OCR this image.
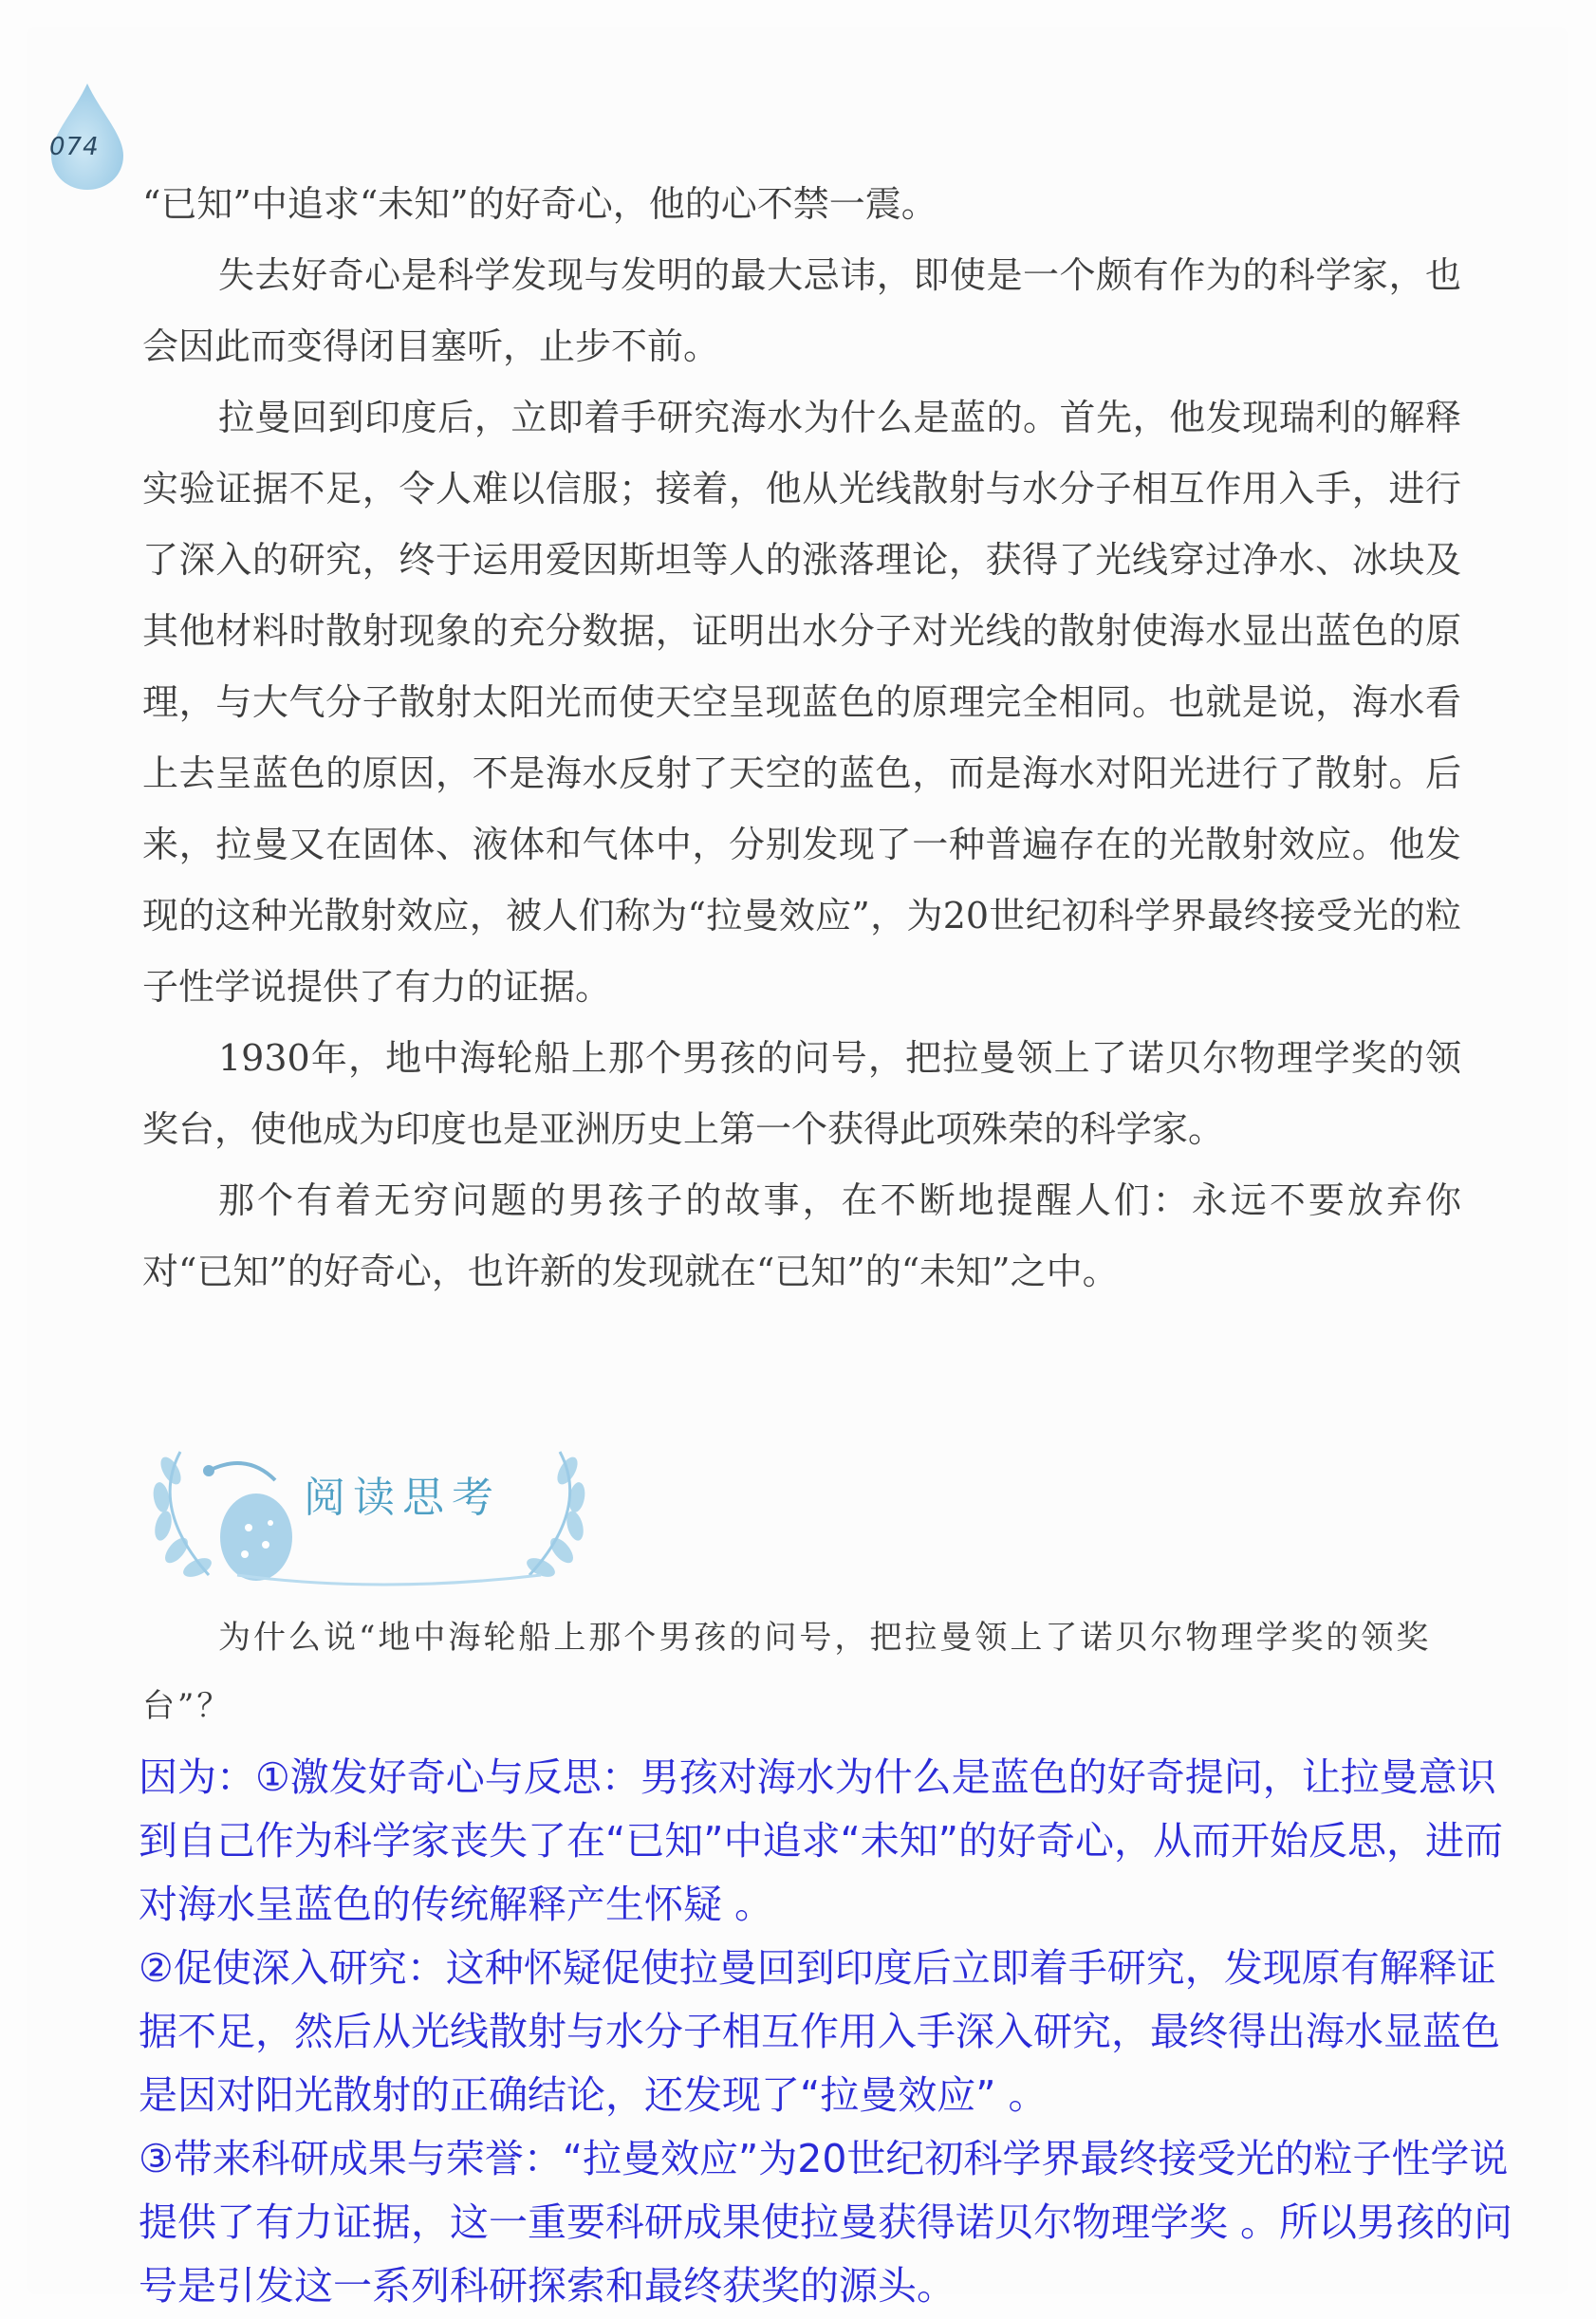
074

“已知”中追求“未知”的好奇心，他的心不禁一震。

失去好奇心是科学发现与发明的最大忌讳，即使是一个颇有作为的科学家，也会因此而变得闭目塞听，止步不前。

拉曼回到印度后，立即着手研究海水为什么是蓝的。首先，他发现瑞利的解释实验证据不足，令人难以信服；接着，他从光线散射与水分子相互作用入手，进行了深入的研究，终于运用爱因斯坦等人的涨落理论，获得了光线穿过净水、冰块及其他材料时散射现象的充分数据，证明出水分子对光线的散射使海水显出蓝色的原理，与大气分子散射太阳光而使天空呈现蓝色的原理完全相同。也就是说，海水看上去呈蓝色的原因，不是海水反射了天空的蓝色，而是海水对阳光进行了散射。后来，拉曼又在固体、液体和气体中，分别发现了一种普遍存在的光散射效应。他发现的这种光散射效应，被人们称为“拉曼效应”，为20世纪初科学界最终接受光的粒子性学说提供了有力的证据。

1930年，地中海轮船上那个男孩的问号，把拉曼领上了诺贝尔物理学奖的领奖台，使他成为印度也是亚洲历史上第一个获得此项殊荣的科学家。

那个有着无穷问题的男孩子的故事，在不断地提醒人们：永远不要放弃你对“已知”的好奇心，也许新的发现就在“已知”的“未知”之中。

阅读思考

为什么说“地中海轮船上那个男孩的问号，把拉曼领上了诺贝尔物理学奖的领奖台”？

因为：①激发好奇心与反思：男孩对海水为什么是蓝色的好奇提问，让拉曼意识到自己作为科学家丧失了在“已知”中追求“未知”的好奇心，从而开始反思，进而对海水呈蓝色的传统解释产生怀疑 。

②促使深入研究：这种怀疑促使拉曼回到印度后立即着手研究，发现原有解释证据不足，然后从光线散射与水分子相互作用入手深入研究，最终得出海水显蓝色是因对阳光散射的正确结论，还发现了“拉曼效应” 。

③带来科研成果与荣誉：“拉曼效应”为20世纪初科学界最终接受光的粒子性学说提供了有力证据，这一重要科研成果使拉曼获得诺贝尔物理学奖 。所以男孩的问号是引发这一系列科研探索和最终获奖的源头。
